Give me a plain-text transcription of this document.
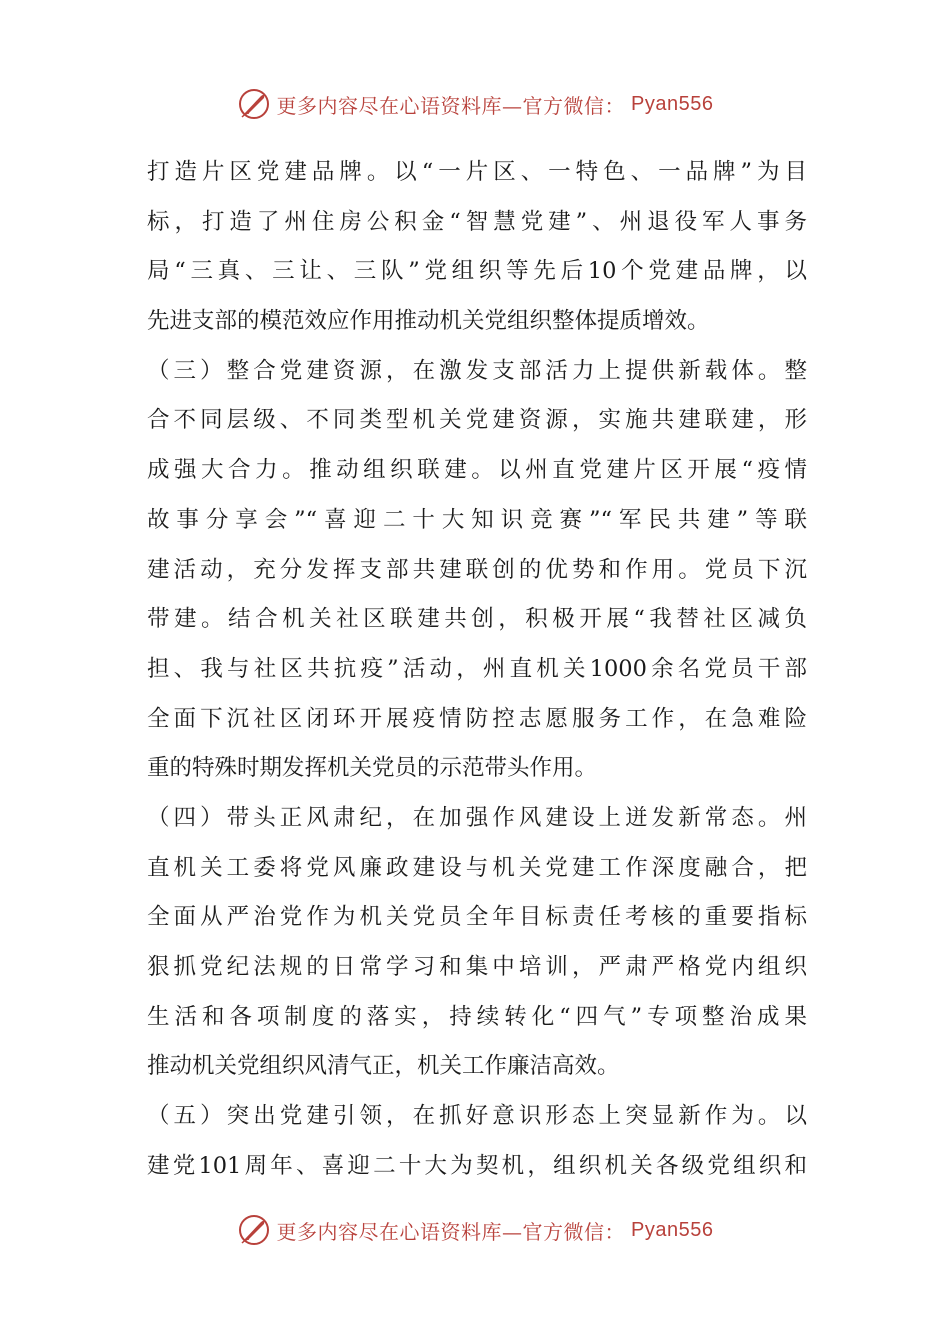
更多内容尽在心语资料库—官方微信： Pyan556
打造片区党建品牌。以“一片区、一特色、一品牌”为目
标，打造了州住房公积金“智慧党建”、州退役军人事务
局“三真、三让、三队”党组织等先后10个党建品牌，以
先进支部的模范效应作用推动机关党组织整体提质增效。
（三）整合党建资源，在激发支部活力上提供新载体。整
合不同层级、不同类型机关党建资源，实施共建联建，形
成强大合力。推动组织联建。以州直党建片区开展“疫情
故事分享会”“喜迎二十大知识竞赛”“军民共建”等联
建活动，充分发挥支部共建联创的优势和作用。党员下沉
带建。结合机关社区联建共创，积极开展“我替社区减负
担、我与社区共抗疫”活动，州直机关1000余名党员干部
全面下沉社区闭环开展疫情防控志愿服务工作，在急难险
重的特殊时期发挥机关党员的示范带头作用。
（四）带头正风肃纪，在加强作风建设上迸发新常态。州
直机关工委将党风廉政建设与机关党建工作深度融合，把
全面从严治党作为机关党员全年目标责任考核的重要指标
狠抓党纪法规的日常学习和集中培训，严肃严格党内组织
生活和各项制度的落实，持续转化“四气”专项整治成果
推动机关党组织风清气正，机关工作廉洁高效。
（五）突出党建引领，在抓好意识形态上突显新作为。以
建党101周年、喜迎二十大为契机，组织机关各级党组织和
更多内容尽在心语资料库—官方微信： Pyan556
